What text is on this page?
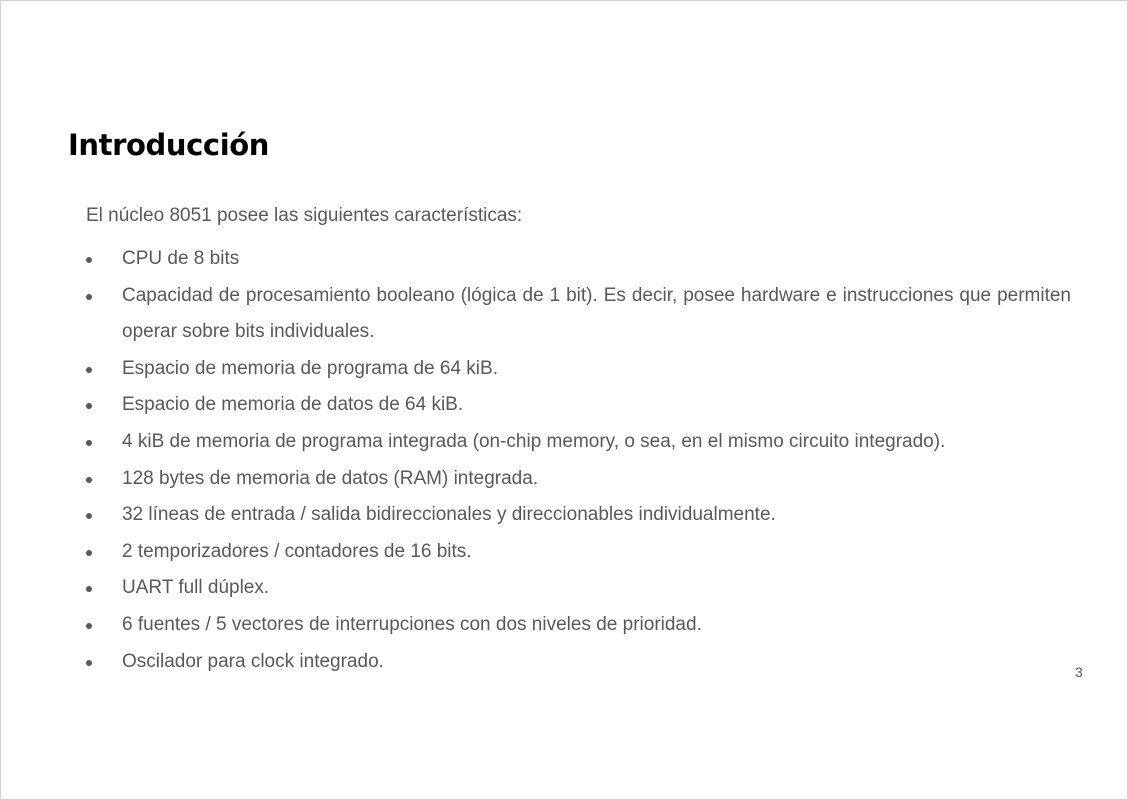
Introducción

El núcleo 8051 posee las siguientes características:

CPU de 8 bits
Capacidad de procesamiento booleano (lógica de 1 bit). Es decir, posee hardware e instrucciones que permiten operar sobre bits individuales.
Espacio de memoria de programa de 64 kiB.
Espacio de memoria de datos de 64 kiB.
4 kiB de memoria de programa integrada (on-chip memory, o sea, en el mismo circuito integrado).
128 bytes de memoria de datos (RAM) integrada.
32 líneas de entrada / salida bidireccionales y direccionables individualmente.
2 temporizadores / contadores de 16 bits.
UART full dúplex.
6 fuentes / 5 vectores de interrupciones con dos niveles de prioridad.
Oscilador para clock integrado.
3
